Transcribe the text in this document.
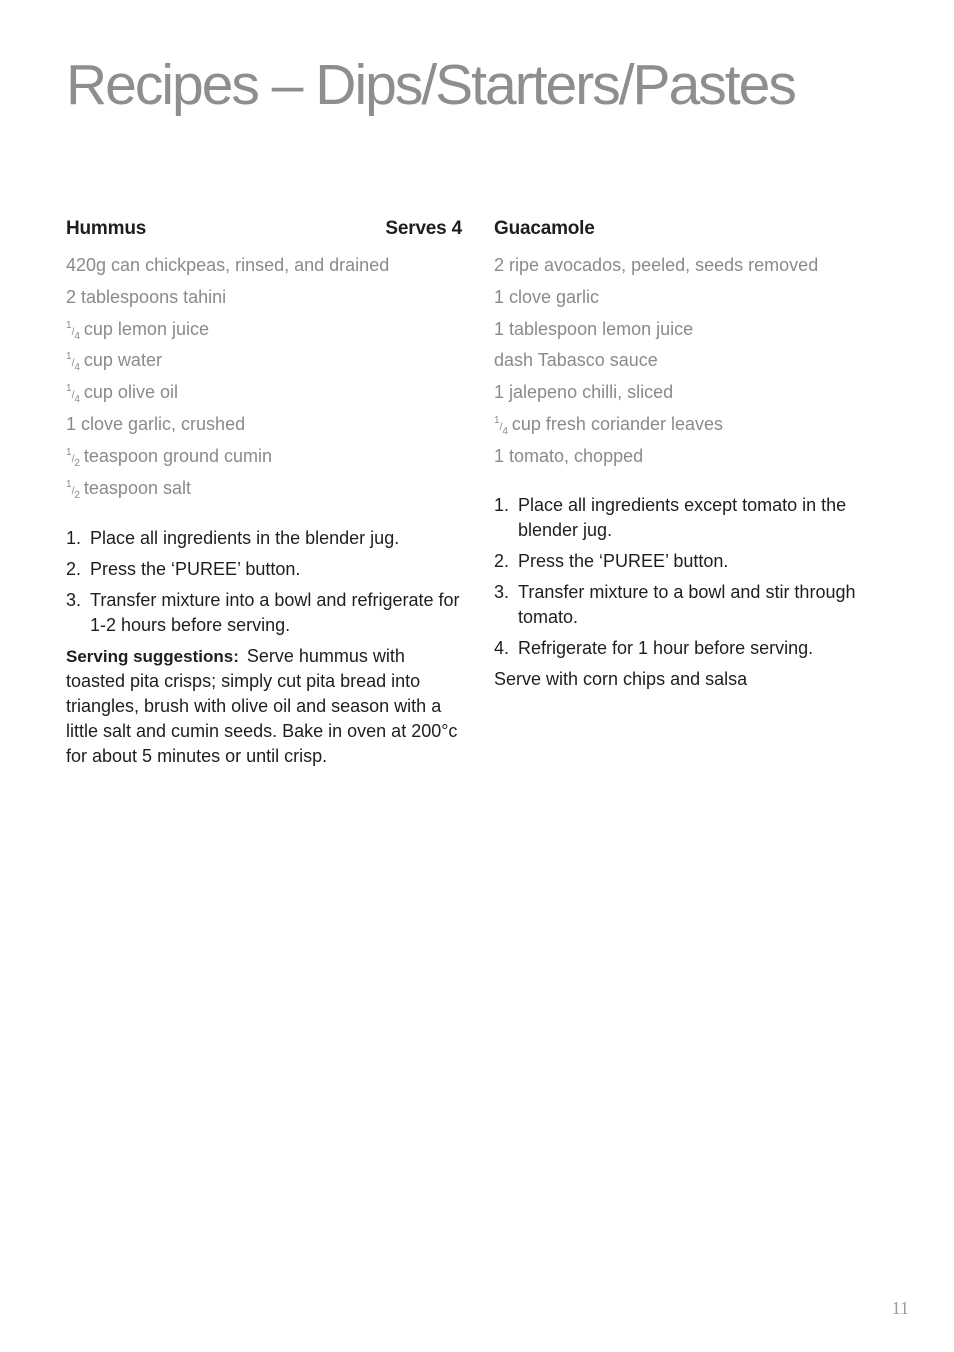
Recipes – Dips/Starters/Pastes
Hummus	Serves 4
420g can chickpeas, rinsed, and drained
2 tablespoons tahini
1/4 cup lemon juice
1/4 cup water
1/4 cup olive oil
1 clove garlic, crushed
1/2 teaspoon ground cumin
1/2 teaspoon salt
1. Place all ingredients in the blender jug.
2. Press the ‘PUREE’ button.
3. Transfer mixture into a bowl and refrigerate for 1-2 hours before serving.

Serving suggestions: Serve hummus with toasted pita crisps; simply cut pita bread into triangles, brush with olive oil and season with a little salt and cumin seeds. Bake in oven at 200°c for about 5 minutes or until crisp.

Guacamole
2 ripe avocados, peeled, seeds removed
1 clove garlic
1 tablespoon lemon juice
dash Tabasco sauce
1 jalepeno chilli, sliced
1/4 cup fresh coriander leaves
1 tomato, chopped
1. Place all ingredients except tomato in the blender jug.
2. Press the ‘PUREE’ button.
3. Transfer mixture to a bowl and stir through tomato.
4. Refrigerate for 1 hour before serving.

Serve with corn chips and salsa

11
